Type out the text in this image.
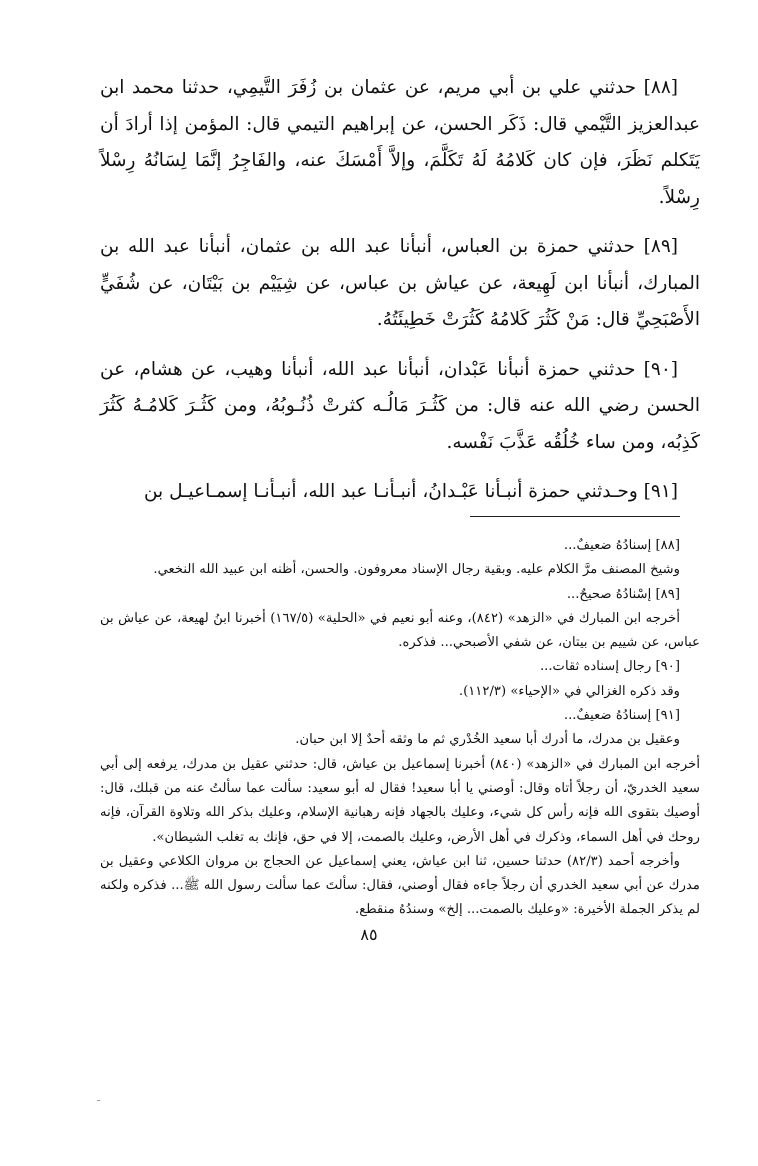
[٨٨] حدثني علي بن أبي مريم، عن عثمان بن زُفَرَ التَّيمِي، حدثنا محمد ابن عبدالعزيز التَّيْمي قال: ذَكَر الحسن، عن إبراهيم التيمي قال: المؤمن إذا أرادَ أن يَتَكلم نَظَرَ، فإن كان كَلامُهُ لَهُ تَكَلَّمَ، وإلاَّ أَمْسَكَ عنه، والفَاجِرُ إنَّمَا لِسَانُهُ رِسْلاً رِسْلاً.

[٨٩] حدثني حمزة بن العباس، أنبأنا عبد الله بن عثمان، أنبأنا عبد الله بن المبارك، أنبأنا ابن لَهِيعة، عن عياش بن عباس، عن شِيَيْم بن بَيْتَان، عن شُفَيٍّ الأَصْبَحِيِّ قال: مَنْ كَثُرَ كَلامُهُ كَثُرَتْ خَطِيئَتُهُ.

[٩٠] حدثني حمزة أنبأنا عَبْدان، أنبأنا عبد الله، أنبأنا وهيب، عن هشام، عن الحسن رضي الله عنه قال: من كَثُـرَ مَالُـه كثرتْ ذُنُـوبُهُ، ومن كَثُـرَ كَلامُـهُ كَثُرَ كَذِبُه، ومن ساء خُلُقُه عَذَّبَ نَفْسه.

[٩١] وحـدثني حمزة أنبـأنا عَبْـدانُ، أنبـأنـا عبد الله، أنبـأنـا إسمـاعيـل بن

[٨٨] إسنادُهُ ضعيفٌ...

وشيخ المصنف مرَّ الكلام عليه. وبقية رجال الإسناد معروفون. والحسن، أظنه ابن عبيد الله النخعي.

[٨٩] إسْنادُهُ صحيحٌ...

أخرجه ابن المبارك في «الزهد» (٨٤٢)، وعنه أبو نعيم في «الحلية» (١٦٧/٥) أخبرنا ابنُ لهيعة، عن عياش بن عباس، عن شييم بن بيتان، عن شفي الأصبحي... فذكره.

[٩٠] رجال إسناده ثقات...

وقد ذكره الغزالي في «الإحياء» (١١٢/٣).

[٩١] إسنادُهُ ضعيفٌ...

وعقيل بن مدرك، ما أدرك أبا سعيد الخُدْري ثم ما وثقه أحدٌ إلا ابن حبان.

أخرجه ابن المبارك في «الزهد» (٨٤٠) أخبرنا إسماعيل بن عياش، قال: حدثني عقيل بن مدرك، يرفعه إلى أبي سعيد الخدريّ، أن رجلاً أتاه وقال: أوصني يا أبا سعيد! فقال له أبو سعيد: سألت عما سألتُ عنه من قبلك، قال: أوصيك بتقوى الله فإنه رأس كل شيء، وعليك بالجهاد فإنه رهبانية الإسلام، وعليك بذكر الله وتلاوة القرآن، فإنه روحك في أهل السماء، وذكرك في أهل الأرض، وعليك بالصمت، إلا في حق، فإنك به تغلب الشيطان».

وأخرجه أحمد (٨٢/٣) حدثنا حسين، ثنا ابن عياش، يعني إسماعيل عن الحجاج بن مروان الكلاعي وعقيل بن مدرك عن أبي سعيد الخدري أن رجلاً جاءه فقال أوصني، فقال: سألتَ عما سألت رسول الله ﷺ... فذكره ولكنه لم يذكر الجملة الأخيرة: «وعليك بالصمت... إلخ» وسندُهُ منقطع.

٨٥
